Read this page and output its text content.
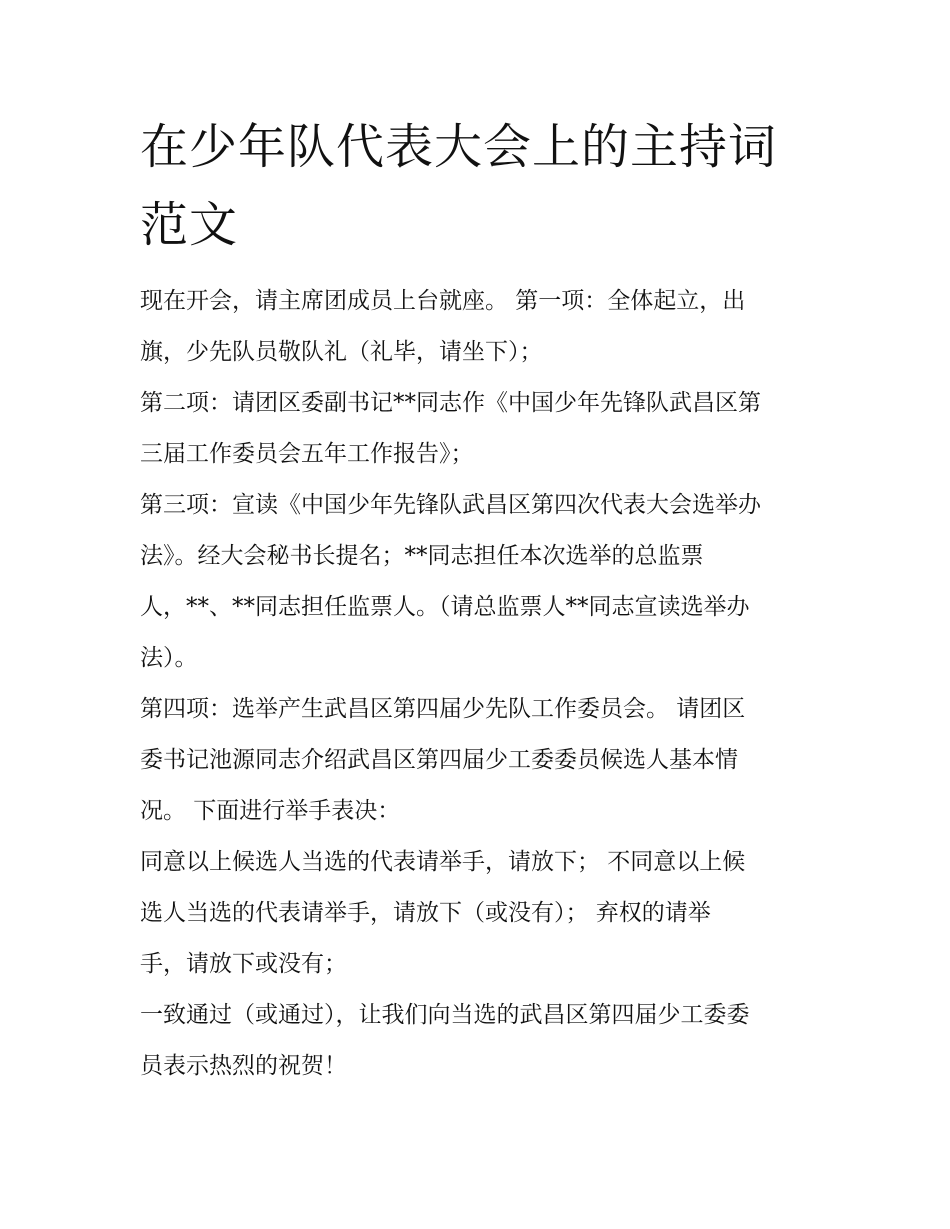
在少年队代表大会上的主持词
范文
现在开会，请主席团成员上台就座。 第一项：全体起立，出
旗，少先队员敬队礼（礼毕，请坐下）；
第二项：请团区委副书记**同志作《中国少年先锋队武昌区第
三届工作委员会五年工作报告》；
第三项：宣读《中国少年先锋队武昌区第四次代表大会选举办
法》。经大会秘书长提名；**同志担任本次选举的总监票
人，**、**同志担任监票人。（请总监票人**同志宣读选举办
法）。
第四项：选举产生武昌区第四届少先队工作委员会。 请团区
委书记池源同志介绍武昌区第四届少工委委员候选人基本情
况。 下面进行举手表决：
同意以上候选人当选的代表请举手，请放下； 不同意以上候
选人当选的代表请举手，请放下（或没有）； 弃权的请举
手，请放下或没有；
一致通过（或通过），让我们向当选的武昌区第四届少工委委
员表示热烈的祝贺！
